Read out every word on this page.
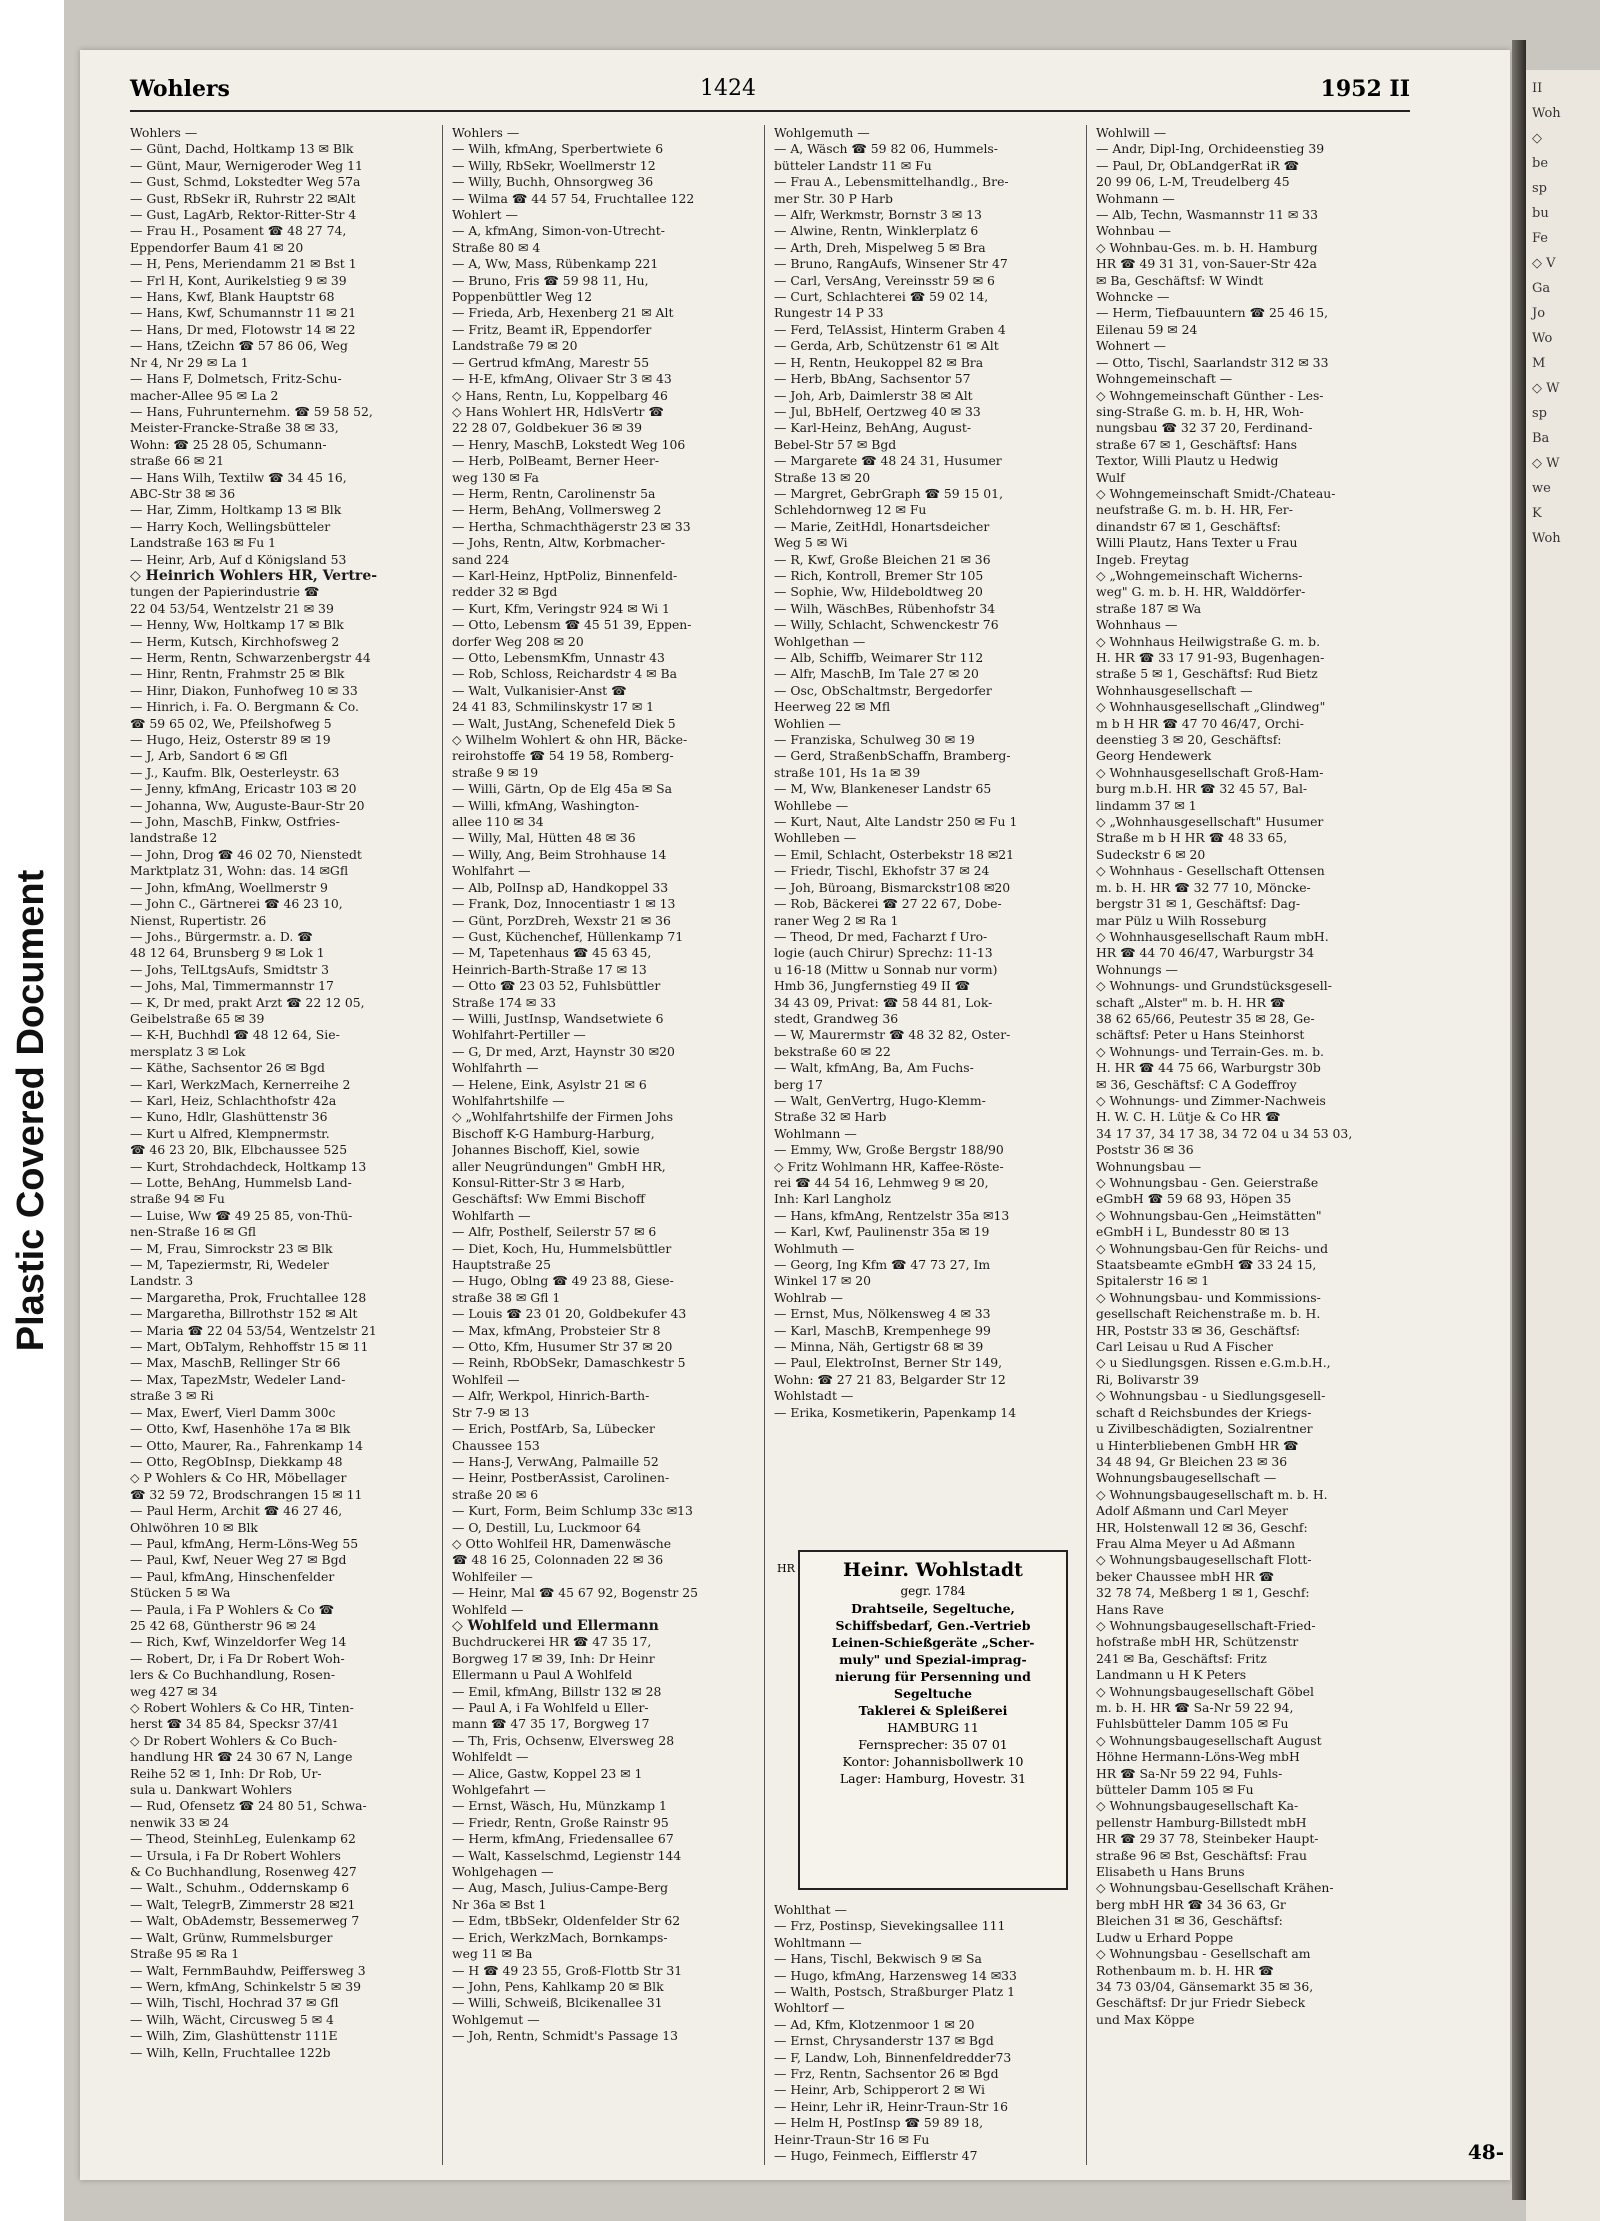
Plastic Covered Document
Wohlers	1424	1952 II
Wohlers —
— Günt, Dachd, Holtkamp 13 ✉ Blk
— Günt, Maur, Wernigeroder Weg 11
— Gust, Schmd, Lokstedter Weg 57a
— Gust, RbSekr iR, Ruhrstr 22 ✉Alt
— Gust, LagArb, Rektor-Ritter-Str 4
— Frau H., Posament ☎ 48 27 74,
Eppendorfer Baum 41 ✉ 20
— H, Pens, Meriendamm 21 ✉ Bst 1
— Frl H, Kont, Aurikelstieg 9 ✉ 39
— Hans, Kwf, Blank Hauptstr 68
— Hans, Kwf, Schumannstr 11 ✉ 21
— Hans, Dr med, Flotowstr 14 ✉ 22
— Hans, tZeichn ☎ 57 86 06, Weg
Nr 4, Nr 29 ✉ La 1
— Hans F, Dolmetsch, Fritz-Schu-
macher-Allee 95 ✉ La 2
— Hans, Fuhrunternehm. ☎ 59 58 52,
Meister-Francke-Straße 38 ✉ 33,
Wohn: ☎ 25 28 05, Schumann-
straße 66 ✉ 21
— Hans Wilh, Textilw ☎ 34 45 16,
ABC-Str 38 ✉ 36
— Har, Zimm, Holtkamp 13 ✉ Blk
— Harry Koch, Wellingsbütteler
Landstraße 163 ✉ Fu 1
— Heinr, Arb, Auf d Königsland 53
◇ Heinrich Wohlers HR, Vertre-
tungen der Papierindustrie ☎
22 04 53/54, Wentzelstr 21 ✉ 39
— Henny, Ww, Holtkamp 17 ✉ Blk
— Herm, Kutsch, Kirchhofsweg 2
— Herm, Rentn, Schwarzenbergstr 44
— Hinr, Rentn, Frahmstr 25 ✉ Blk
— Hinr, Diakon, Funhofweg 10 ✉ 33
— Hinrich, i. Fa. O. Bergmann & Co.
☎ 59 65 02, We, Pfeilshofweg 5
— Hugo, Heiz, Osterstr 89 ✉ 19
— J, Arb, Sandort 6 ✉ Gfl
— J., Kaufm. Blk, Oesterleystr. 63
— Jenny, kfmAng, Ericastr 103 ✉ 20
— Johanna, Ww, Auguste-Baur-Str 20
— John, MaschB, Finkw, Ostfries-
landstraße 12
— John, Drog ☎ 46 02 70, Nienstedt
Marktplatz 31, Wohn: das. 14 ✉Gfl
— John, kfmAng, Woellmerstr 9
— John C., Gärtnerei ☎ 46 23 10,
Nienst, Rupertistr. 26
— Johs., Bürgermstr. a. D. ☎
48 12 64, Brunsberg 9 ✉ Lok 1
— Johs, TelLtgsAufs, Smidtstr 3
— Johs, Mal, Timmermannstr 17
— K, Dr med, prakt Arzt ☎ 22 12 05,
Geibelstraße 65 ✉ 39
— K-H, Buchhdl ☎ 48 12 64, Sie-
mersplatz 3 ✉ Lok
— Käthe, Sachsentor 26 ✉ Bgd
— Karl, WerkzMach, Kernerreihe 2
— Karl, Heiz, Schlachthofstr 42a
— Kuno, Hdlr, Glashüttenstr 36
— Kurt u Alfred, Klempnermstr.
☎ 46 23 20, Blk, Elbchaussee 525
— Kurt, Strohdachdeck, Holtkamp 13
— Lotte, BehAng, Hummelsb Land-
straße 94 ✉ Fu
— Luise, Ww ☎ 49 25 85, von-Thü-
nen-Straße 16 ✉ Gfl
— M, Frau, Simrockstr 23 ✉ Blk
— M, Tapeziermstr, Ri, Wedeler
Landstr. 3
— Margaretha, Prok, Fruchtallee 128
— Margaretha, Billrothstr 152 ✉ Alt
— Maria ☎ 22 04 53/54, Wentzelstr 21
— Mart, ObTalym, Rehhoffstr 15 ✉ 11
— Max, MaschB, Rellinger Str 66
— Max, TapezMstr, Wedeler Land-
straße 3 ✉ Ri
— Max, Ewerf, Vierl Damm 300c
— Otto, Kwf, Hasenhöhe 17a ✉ Blk
— Otto, Maurer, Ra., Fahrenkamp 14
— Otto, RegObInsp, Diekkamp 48
◇ P Wohlers & Co HR, Möbellager
☎ 32 59 72, Brodschrangen 15 ✉ 11
— Paul Herm, Archit ☎ 46 27 46,
Ohlwöhren 10 ✉ Blk
— Paul, kfmAng, Herm-Löns-Weg 55
— Paul, Kwf, Neuer Weg 27 ✉ Bgd
— Paul, kfmAng, Hinschenfelder
Stücken 5 ✉ Wa
— Paula, i Fa P Wohlers & Co ☎
25 42 68, Güntherstr 96 ✉ 24
— Rich, Kwf, Winzeldorfer Weg 14
— Robert, Dr, i Fa Dr Robert Woh-
lers & Co Buchhandlung, Rosen-
weg 427 ✉ 34
◇ Robert Wohlers & Co HR, Tinten-
herst ☎ 34 85 84, Specksr 37/41
◇ Dr Robert Wohlers & Co Buch-
handlung HR ☎ 24 30 67 N, Lange
Reihe 52 ✉ 1, Inh: Dr Rob, Ur-
sula u. Dankwart Wohlers
— Rud, Ofensetz ☎ 24 80 51, Schwa-
nenwik 33 ✉ 24
— Theod, SteinhLeg, Eulenkamp 62
— Ursula, i Fa Dr Robert Wohlers
& Co Buchhandlung, Rosenweg 427
— Walt., Schuhm., Oddernskamp 6
— Walt, TelegrB, Zimmerstr 28 ✉21
— Walt, ObAdemstr, Bessemerweg 7
— Walt, Grünw, Rummelsburger
Straße 95 ✉ Ra 1
— Walt, FernmBauhdw, Peiffersweg 3
— Wern, kfmAng, Schinkelstr 5 ✉ 39
— Wilh, Tischl, Hochrad 37 ✉ Gfl
— Wilh, Wächt, Circusweg 5 ✉ 4
— Wilh, Zim, Glashüttenstr 111E
— Wilh, Kelln, Fruchtallee 122b
Wohlers —
— Wilh, kfmAng, Sperbertwiete 6
— Willy, RbSekr, Woellmerstr 12
— Willy, Buchh, Ohnsorgweg 36
— Wilma ☎ 44 57 54, Fruchtallee 122
Wohlert —
— A, kfmAng, Simon-von-Utrecht-
Straße 80 ✉ 4
— A, Ww, Mass, Rübenkamp 221
— Bruno, Fris ☎ 59 98 11, Hu,
Poppenbüttler Weg 12
— Frieda, Arb, Hexenberg 21 ✉ Alt
— Fritz, Beamt iR, Eppendorfer
Landstraße 79 ✉ 20
— Gertrud kfmAng, Marestr 55
— H-E, kfmAng, Olivaer Str 3 ✉ 43
◇ Hans, Rentn, Lu, Koppelbarg 46
◇ Hans Wohlert HR, HdlsVertr ☎
22 28 07, Goldbekuer 36 ✉ 39
— Henry, MaschB, Lokstedt Weg 106
— Herb, PolBeamt, Berner Heer-
weg 130 ✉ Fa
— Herm, Rentn, Carolinenstr 5a
— Herm, BehAng, Vollmersweg 2
— Hertha, Schmachthägerstr 23 ✉ 33
— Johs, Rentn, Altw, Korbmacher-
sand 224
— Karl-Heinz, HptPoliz, Binnenfeld-
redder 32 ✉ Bgd
— Kurt, Kfm, Veringstr 924 ✉ Wi 1
— Otto, Lebensm ☎ 45 51 39, Eppen-
dorfer Weg 208 ✉ 20
— Otto, LebensmKfm, Unnastr 43
— Rob, Schloss, Reichardstr 4 ✉ Ba
— Walt, Vulkanisier-Anst ☎
24 41 83, Schmilinskystr 17 ✉ 1
— Walt, JustAng, Schenefeld Diek 5
◇ Wilhelm Wohlert & ohn HR, Bäcke-
reirohstoffe ☎ 54 19 58, Romberg-
straße 9 ✉ 19
— Willi, Gärtn, Op de Elg 45a ✉ Sa
— Willi, kfmAng, Washington-
allee 110 ✉ 34
— Willy, Mal, Hütten 48 ✉ 36
— Willy, Ang, Beim Strohhause 14
Wohlfahrt —
— Alb, PolInsp aD, Handkoppel 33
— Frank, Doz, Innocentiastr 1 ✉ 13
— Günt, PorzDreh, Wexstr 21 ✉ 36
— Gust, Küchenchef, Hüllenkamp 71
— M, Tapetenhaus ☎ 45 63 45,
Heinrich-Barth-Straße 17 ✉ 13
— Otto ☎ 23 03 52, Fuhlsbüttler
Straße 174 ✉ 33
— Willi, JustInsp, Wandsetwiete 6
Wohlfahrt-Pertiller —
— G, Dr med, Arzt, Haynstr 30 ✉20
Wohlfahrth —
— Helene, Eink, Asylstr 21 ✉ 6
Wohlfahrtshilfe —
◇ „Wohlfahrtshilfe der Firmen Johs
Bischoff K-G Hamburg-Harburg,
Johannes Bischoff, Kiel, sowie
aller Neugründungen" GmbH HR,
Konsul-Ritter-Str 3 ✉ Harb,
Geschäftsf: Ww Emmi Bischoff
Wohlfarth —
— Alfr, Posthelf, Seilerstr 57 ✉ 6
— Diet, Koch, Hu, Hummelsbüttler
Hauptstraße 25
— Hugo, Oblng ☎ 49 23 88, Giese-
straße 38 ✉ Gfl 1
— Louis ☎ 23 01 20, Goldbekufer 43
— Max, kfmAng, Probsteier Str 8
— Otto, Kfm, Husumer Str 37 ✉ 20
— Reinh, RbObSekr, Damaschkestr 5
Wohlfeil —
— Alfr, Werkpol, Hinrich-Barth-
Str 7-9 ✉ 13
— Erich, PostfArb, Sa, Lübecker
Chaussee 153
— Hans-J, VerwAng, Palmaille 52
— Heinr, PostberAssist, Carolinen-
straße 20 ✉ 6
— Kurt, Form, Beim Schlump 33c ✉13
— O, Destill, Lu, Luckmoor 64
◇ Otto Wohlfeil HR, Damenwäsche
☎ 48 16 25, Colonnaden 22 ✉ 36
Wohlfeiler —
— Heinr, Mal ☎ 45 67 92, Bogenstr 25
Wohlfeld —
◇ Wohlfeld und Ellermann
Buchdruckerei HR ☎ 47 35 17,
Borgweg 17 ✉ 39, Inh: Dr Heinr
Ellermann u Paul A Wohlfeld
— Emil, kfmAng, Billstr 132 ✉ 28
— Paul A, i Fa Wohlfeld u Eller-
mann ☎ 47 35 17, Borgweg 17
— Th, Fris, Ochsenw, Elversweg 28
Wohlfeldt —
— Alice, Gastw, Koppel 23 ✉ 1
Wohlgefahrt —
— Ernst, Wäsch, Hu, Münzkamp 1
— Friedr, Rentn, Große Rainstr 95
— Herm, kfmAng, Friedensallee 67
— Walt, Kasselschmd, Legienstr 144
Wohlgehagen —
— Aug, Masch, Julius-Campe-Berg
Nr 36a ✉ Bst 1
— Edm, tBbSekr, Oldenfelder Str 62
— Erich, WerkzMach, Bornkamps-
weg 11 ✉ Ba
— H ☎ 49 23 55, Groß-Flottb Str 31
— John, Pens, Kahlkamp 20 ✉ Blk
— Willi, Schweiß, Blcikenallee 31
Wohlgemut —
— Joh, Rentn, Schmidt's Passage 13
Wohlgemuth —
— A, Wäsch ☎ 59 82 06, Hummels-
bütteler Landstr 11 ✉ Fu
— Frau A., Lebensmittelhandlg., Bre-
mer Str. 30 P Harb
— Alfr, Werkmstr, Bornstr 3 ✉ 13
— Alwine, Rentn, Winklerplatz 6
— Arth, Dreh, Mispelweg 5 ✉ Bra
— Bruno, RangAufs, Winsener Str 47
— Carl, VersAng, Vereinsstr 59 ✉ 6
— Curt, Schlachterei ☎ 59 02 14,
Rungestr 14 P 33
— Ferd, TelAssist, Hinterm Graben 4
— Gerda, Arb, Schützenstr 61 ✉ Alt
— H, Rentn, Heukoppel 82 ✉ Bra
— Herb, BbAng, Sachsentor 57
— Joh, Arb, Daimlerstr 38 ✉ Alt
— Jul, BbHelf, Oertzweg 40 ✉ 33
— Karl-Heinz, BehAng, August-
Bebel-Str 57 ✉ Bgd
— Margarete ☎ 48 24 31, Husumer
Straße 13 ✉ 20
— Margret, GebrGraph ☎ 59 15 01,
Schlehdornweg 12 ✉ Fu
— Marie, ZeitHdl, Honartsdeicher
Weg 5 ✉ Wi
— R, Kwf, Große Bleichen 21 ✉ 36
— Rich, Kontroll, Bremer Str 105
— Sophie, Ww, Hildeboldtweg 20
— Wilh, WäschBes, Rübenhofstr 34
— Willy, Schlacht, Schwenckestr 76
Wohlgethan —
— Alb, Schiffb, Weimarer Str 112
— Alfr, MaschB, Im Tale 27 ✉ 20
— Osc, ObSchaltmstr, Bergedorfer
Heerweg 22 ✉ Mfl
Wohlien —
— Franziska, Schulweg 30 ✉ 19
— Gerd, StraßenbSchaffn, Bramberg-
straße 101, Hs 1a ✉ 39
— M, Ww, Blankeneser Landstr 65
Wohllebe —
— Kurt, Naut, Alte Landstr 250 ✉ Fu 1
Wohlleben —
— Emil, Schlacht, Osterbekstr 18 ✉21
— Friedr, Tischl, Ekhofstr 37 ✉ 24
— Joh, Büroang, Bismarckstr108 ✉20
— Rob, Bäckerei ☎ 27 22 67, Dobe-
raner Weg 2 ✉ Ra 1
— Theod, Dr med, Facharzt f Uro-
logie (auch Chirur) Sprechz: 11-13
u 16-18 (Mittw u Sonnab nur vorm)
Hmb 36, Jungfernstieg 49 II ☎
34 43 09, Privat: ☎ 58 44 81, Lok-
stedt, Grandweg 36
— W, Maurermstr ☎ 48 32 82, Oster-
bekstraße 60 ✉ 22
— Walt, kfmAng, Ba, Am Fuchs-
berg 17
— Walt, GenVertrg, Hugo-Klemm-
Straße 32 ✉ Harb
Wohlmann —
— Emmy, Ww, Große Bergstr 188/90
◇ Fritz Wohlmann HR, Kaffee-Röste-
rei ☎ 44 54 16, Lehmweg 9 ✉ 20,
Inh: Karl Langholz
— Hans, kfmAng, Rentzelstr 35a ✉13
— Karl, Kwf, Paulinenstr 35a ✉ 19
Wohlmuth —
— Georg, Ing Kfm ☎ 47 73 27, Im
Winkel 17 ✉ 20
Wohlrab —
— Ernst, Mus, Nölkensweg 4 ✉ 33
— Karl, MaschB, Krempenhege 99
— Minna, Näh, Gertigstr 68 ✉ 39
— Paul, ElektroInst, Berner Str 149,
Wohn: ☎ 27 21 83, Belgarder Str 12
Wohlstadt —
— Erika, Kosmetikerin, Papenkamp 14
Wohlwill —
— Andr, Dipl-Ing, Orchideenstieg 39
— Paul, Dr, ObLandgerRat iR ☎
20 99 06, L-M, Treudelberg 45
Wohmann —
— Alb, Techn, Wasmannstr 11 ✉ 33
Wohnbau —
◇ Wohnbau-Ges. m. b. H. Hamburg
HR ☎ 49 31 31, von-Sauer-Str 42a
✉ Ba, Geschäftsf: W Windt
Wohncke —
— Herm, Tiefbauuntern ☎ 25 46 15,
Eilenau 59 ✉ 24
Wohnert —
— Otto, Tischl, Saarlandstr 312 ✉ 33
Wohngemeinschaft —
◇ Wohngemeinschaft Günther - Les-
sing-Straße G. m. b. H, HR, Woh-
nungsbau ☎ 32 37 20, Ferdinand-
straße 67 ✉ 1, Geschäftsf: Hans
Textor, Willi Plautz u Hedwig
Wulf
◇ Wohngemeinschaft Smidt-/Chateau-
neufstraße G. m. b. H. HR, Fer-
dinandstr 67 ✉ 1, Geschäftsf:
Willi Plautz, Hans Texter u Frau
Ingeb. Freytag
◇ „Wohngemeinschaft Wicherns-
weg" G. m. b. H. HR, Walddörfer-
straße 187 ✉ Wa
Wohnhaus —
◇ Wohnhaus Heilwigstraße G. m. b.
H. HR ☎ 33 17 91-93, Bugenhagen-
straße 5 ✉ 1, Geschäftsf: Rud Bietz
Wohnhausgesellschaft —
◇ Wohnhausgesellschaft „Glindweg"
m b H HR ☎ 47 70 46/47, Orchi-
deenstieg 3 ✉ 20, Geschäftsf:
Georg Hendewerk
◇ Wohnhausgesellschaft Groß-Ham-
burg m.b.H. HR ☎ 32 45 57, Bal-
lindamm 37 ✉ 1
◇ „Wohnhausgesellschaft" Husumer
Straße m b H HR ☎ 48 33 65,
Sudeckstr 6 ✉ 20
◇ Wohnhaus - Gesellschaft Ottensen
m. b. H. HR ☎ 32 77 10, Möncke-
bergstr 31 ✉ 1, Geschäftsf: Dag-
mar Pülz u Wilh Rosseburg
◇ Wohnhausgesellschaft Raum mbH.
HR ☎ 44 70 46/47, Warburgstr 34
Wohnungs —
◇ Wohnungs- und Grundstücksgesell-
schaft „Alster" m. b. H. HR ☎
38 62 65/66, Peutestr 35 ✉ 28, Ge-
schäftsf: Peter u Hans Steinhorst
◇ Wohnungs- und Terrain-Ges. m. b.
H. HR ☎ 44 75 66, Warburgstr 30b
✉ 36, Geschäftsf: C A Godeffroy
◇ Wohnungs- und Zimmer-Nachweis
H. W. C. H. Lütje & Co HR ☎
34 17 37, 34 17 38, 34 72 04 u 34 53 03,
Poststr 36 ✉ 36
Wohnungsbau —
◇ Wohnungsbau - Gen. Geierstraße
eGmbH ☎ 59 68 93, Höpen 35
◇ Wohnungsbau-Gen „Heimstätten"
eGmbH i L, Bundesstr 80 ✉ 13
◇ Wohnungsbau-Gen für Reichs- und
Staatsbeamte eGmbH ☎ 33 24 15,
Spitalerstr 16 ✉ 1
◇ Wohnungsbau- und Kommissions-
gesellschaft Reichenstraße m. b. H.
HR, Poststr 33 ✉ 36, Geschäftsf:
Carl Leisau u Rud A Fischer
◇ u Siedlungsgen. Rissen e.G.m.b.H.,
Ri, Bolivarstr 39
◇ Wohnungsbau - u Siedlungsgesell-
schaft d Reichsbundes der Kriegs-
u Zivilbeschädigten, Sozialrentner
u Hinterbliebenen GmbH HR ☎
34 48 94, Gr Bleichen 23 ✉ 36
Wohnungsbaugesellschaft —
◇ Wohnungsbaugesellschaft m. b. H.
Adolf Aßmann und Carl Meyer
HR, Holstenwall 12 ✉ 36, Geschf:
Frau Alma Meyer u Ad Aßmann
◇ Wohnungsbaugesellschaft Flott-
beker Chaussee mbH HR ☎
32 78 74, Meßberg 1 ✉ 1, Geschf:
Hans Rave
◇ Wohnungsbaugesellschaft-Fried-
hofstraße mbH HR, Schützenstr
241 ✉ Ba, Geschäftsf: Fritz
Landmann u H K Peters
◇ Wohnungsbaugesellschaft Göbel
m. b. H. HR ☎ Sa-Nr 59 22 94,
Fuhlsbütteler Damm 105 ✉ Fu
◇ Wohnungsbaugesellschaft August
Höhne Hermann-Löns-Weg mbH
HR ☎ Sa-Nr 59 22 94, Fuhls-
bütteler Damm 105 ✉ Fu
◇ Wohnungsbaugesellschaft Ka-
pellenstr Hamburg-Billstedt mbH
HR ☎ 29 37 78, Steinbeker Haupt-
straße 96 ✉ Bst, Geschäftsf: Frau
Elisabeth u Hans Bruns
◇ Wohnungsbau-Gesellschaft Krähen-
berg mbH HR ☎ 34 36 63, Gr
Bleichen 31 ✉ 36, Geschäftsf:
Ludw u Erhard Poppe
◇ Wohnungsbau - Gesellschaft am
Rothenbaum m. b. H. HR ☎
34 73 03/04, Gänsemarkt 35 ✉ 36,
Geschäftsf: Dr jur Friedr Siebeck
und Max Köppe
HR	Heinr. Wohlstadt
gegr. 1784
Drahtseile, Segeltuche,
Schiffsbedarf, Gen.-Vertrieb
Leinen-Schießgeräte „Scher-
muly" und Spezial-imprag-
nierung für Persenning und
Segeltuche
Taklerei & Spleißerei
HAMBURG 11
Fernsprecher: 35 07 01
Kontor: Johannisbollwerk 10
Lager: Hamburg, Hovestr. 31
Wohlthat —
— Frz, Postinsp, Sievekingsallee 111
Wohltmann —
— Hans, Tischl, Bekwisch 9 ✉ Sa
— Hugo, kfmAng, Harzensweg 14 ✉33
— Walth, Postsch, Straßburger Platz 1
Wohltorf —
— Ad, Kfm, Klotzenmoor 1 ✉ 20
— Ernst, Chrysanderstr 137 ✉ Bgd
— F, Landw, Loh, Binnenfeldredder73
— Frz, Rentn, Sachsentor 26 ✉ Bgd
— Heinr, Arb, Schipperort 2 ✉ Wi
— Heinr, Lehr iR, Heinr-Traun-Str 16
— Helm H, PostInsp ☎ 59 89 18,
Heinr-Traun-Str 16 ✉ Fu
— Hugo, Feinmech, Eifflerstr 47	48-
II
Woh
◇
be
sp
bu
Fe
◇ V
Ga
Jo
Wo
M
◇ W
sp
Ba
◇ W
we
K
Woh
